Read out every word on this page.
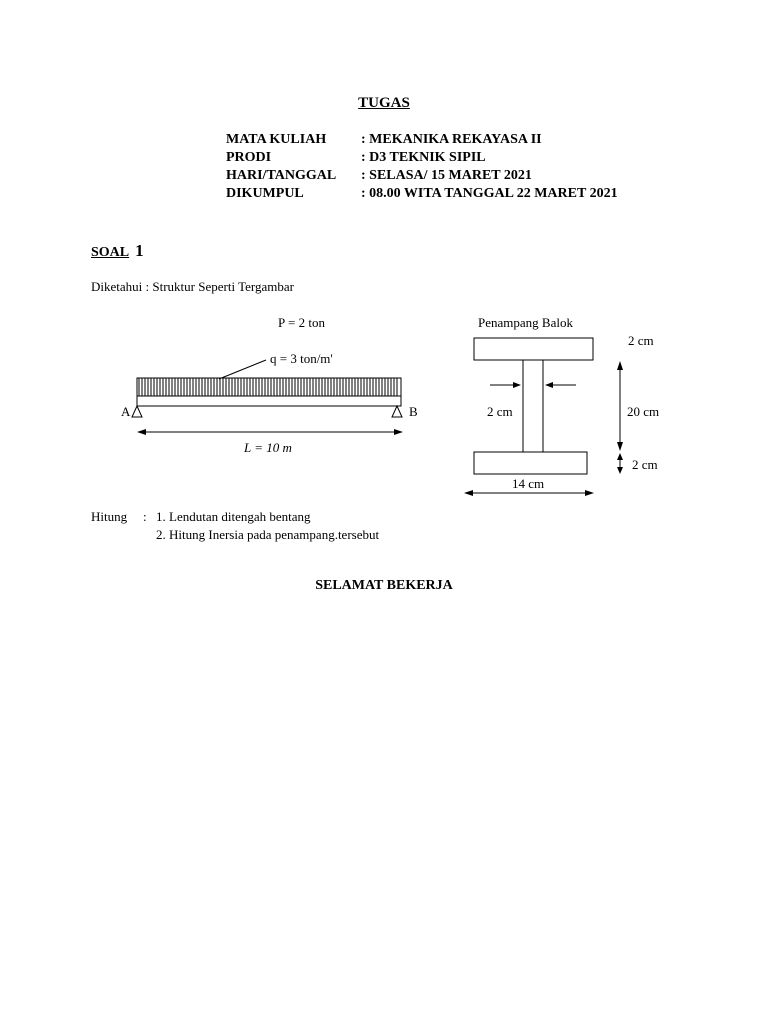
TUGAS
MATA KULIAH
PRODI
HARI/TANGGAL
DIKUMPUL
: MEKANIKA REKAYASA II
: D3 TEKNIK SIPIL
: SELASA/ 15 MARET 2021
: 08.00 WITA TANGGAL 22 MARET 2021
SOAL 1
Diketahui : Struktur Seperti Tergambar
P = 2 ton
q = 3 ton/m'
A	B
L = 10 m
Penampang Balok
2 cm
2 cm
20 cm
2 cm
14 cm
Hitung : 1. Lendutan ditengah bentang
2. Hitung Inersia pada penampang.tersebut
SELAMAT BEKERJA
